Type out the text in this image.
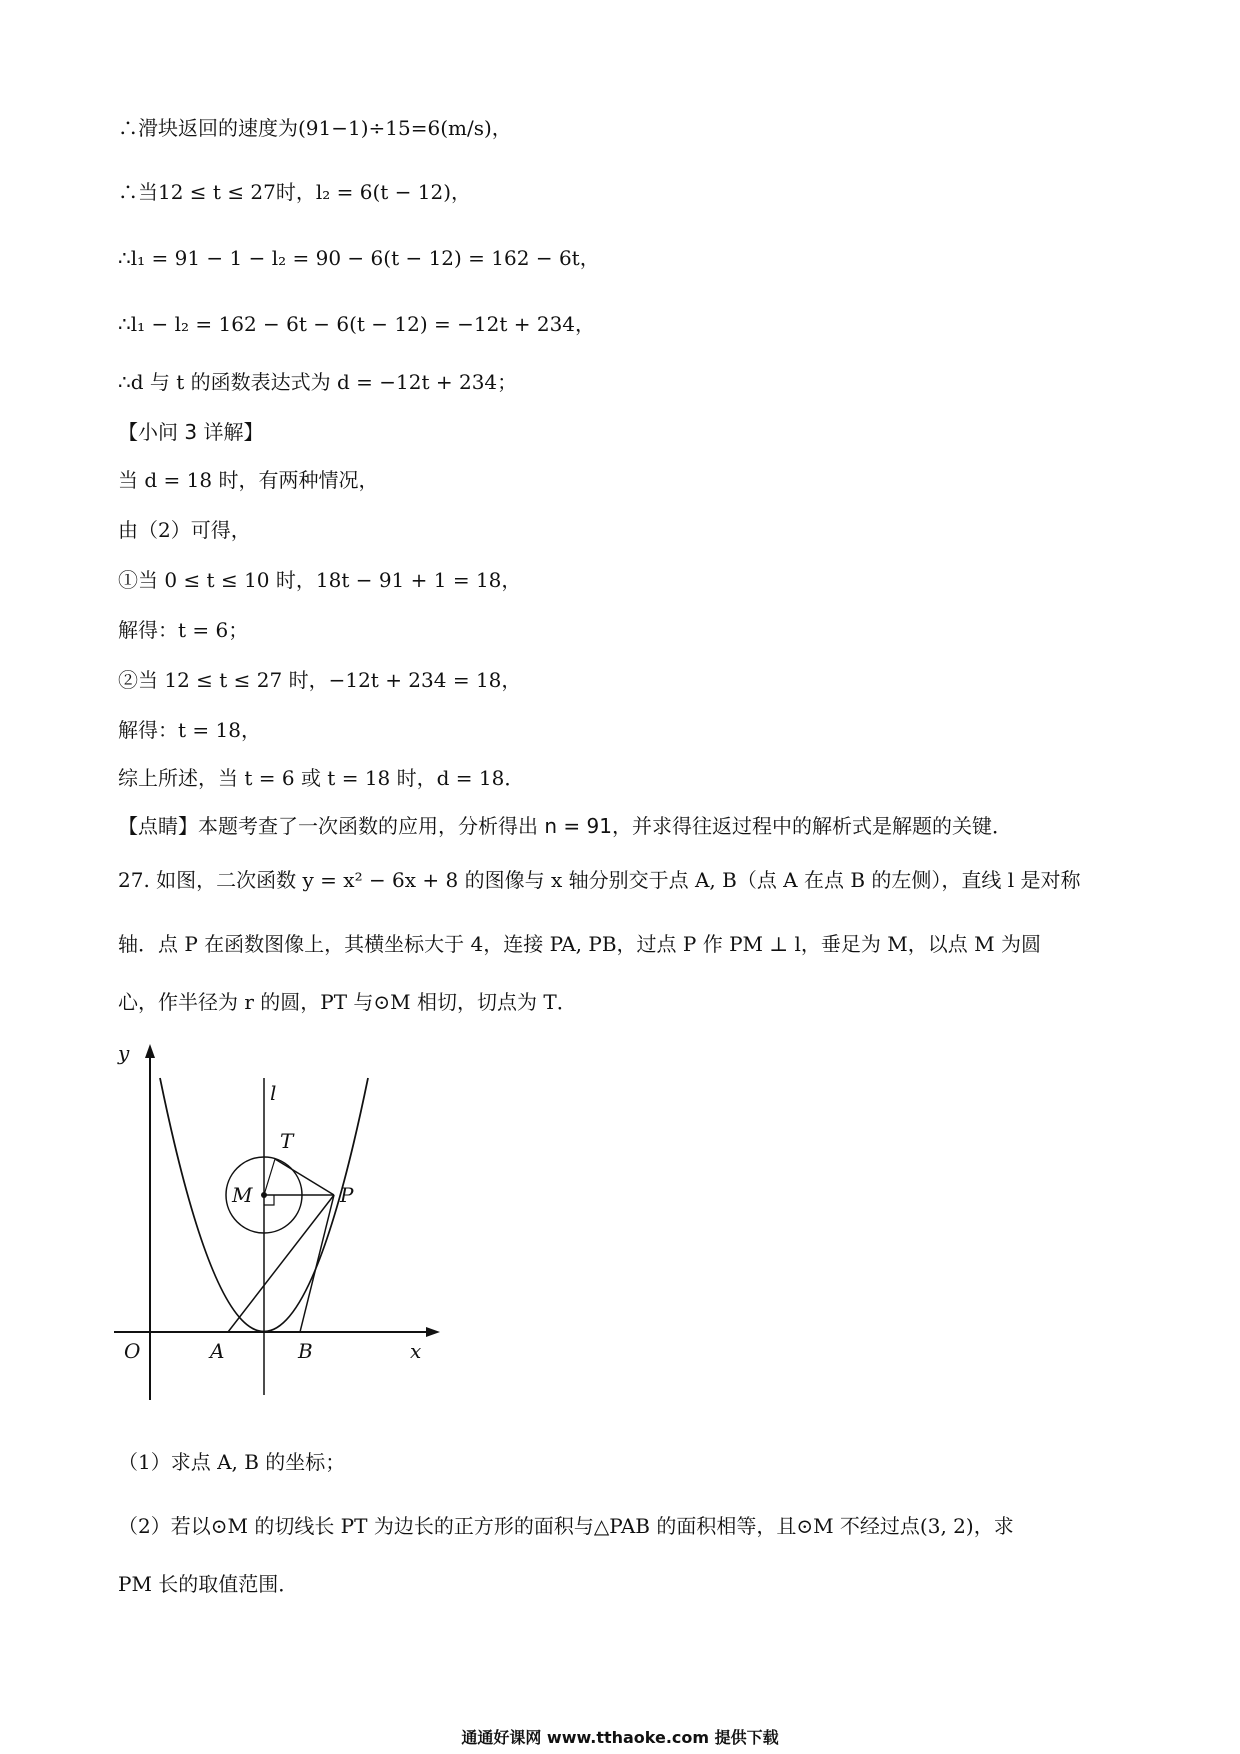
∴滑块返回的速度为(91−1)÷15=6(m/s)，
∴当12 ≤ t ≤ 27时，l₂ = 6(t − 12)，
∴l₁ = 91 − 1 − l₂ = 90 − 6(t − 12) = 162 − 6t，
∴l₁ − l₂ = 162 − 6t − 6(t − 12) = −12t + 234，
∴d 与 t 的函数表达式为 d = −12t + 234；
【小问 3 详解】
当 d = 18 时，有两种情况，
由（2）可得，
①当 0 ≤ t ≤ 10 时，18t − 91 + 1 = 18，
解得：t = 6；
②当 12 ≤ t ≤ 27 时，−12t + 234 = 18，
解得：t = 18，
综上所述，当 t = 6 或 t = 18 时，d = 18．
【点睛】本题考查了一次函数的应用，分析得出 n = 91，并求得往返过程中的解析式是解题的关键．
27. 如图，二次函数 y = x² − 6x + 8 的图像与 x 轴分别交于点 A, B（点 A 在点 B 的左侧），直线 l 是对称
轴．点 P 在函数图像上，其横坐标大于 4，连接 PA, PB，过点 P 作 PM ⊥ l，垂足为 M，以点 M 为圆
心，作半径为 r 的圆，PT 与⊙M 相切，切点为 T．
y
l
T
M	P
O	A	B	x
（1）求点 A, B 的坐标；
（2）若以⊙M 的切线长 PT 为边长的正方形的面积与△PAB 的面积相等，且⊙M 不经过点(3, 2)，求
PM 长的取值范围．
通通好课网 www.tthaoke.com 提供下载
